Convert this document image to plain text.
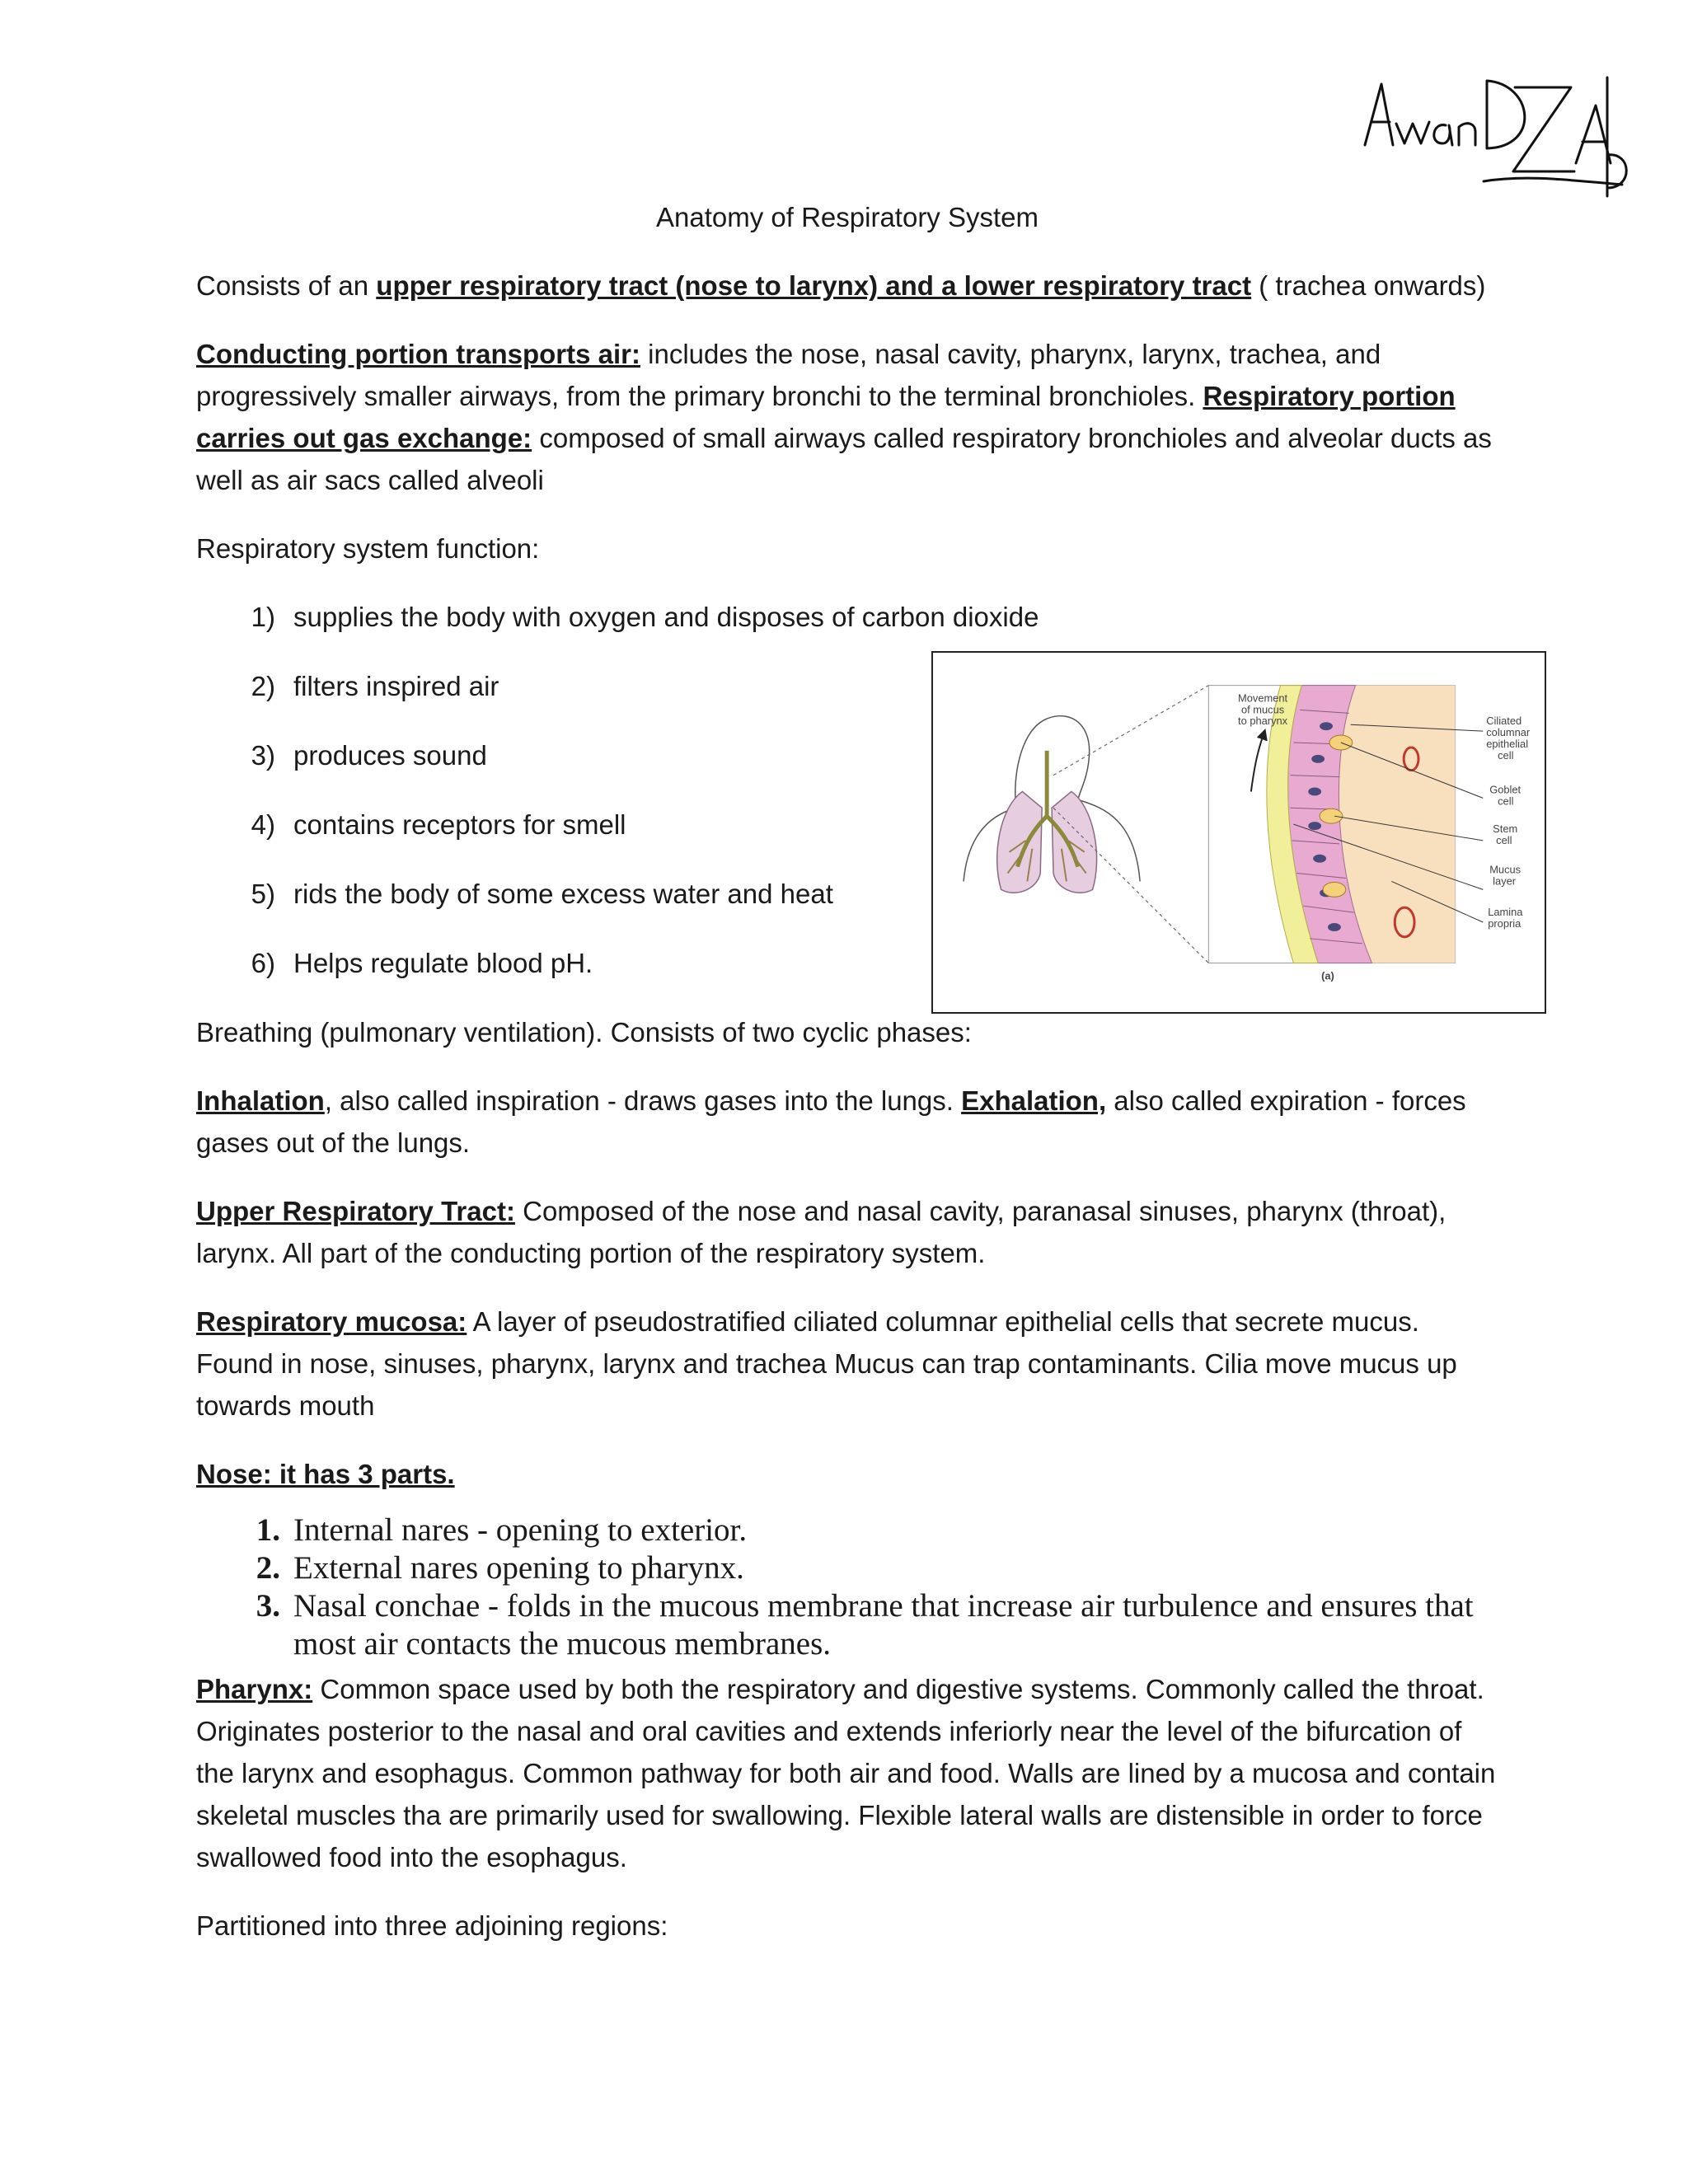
Anatomy of Respiratory System

Consists of an upper respiratory tract (nose to larynx) and a lower respiratory tract ( trachea onwards)

Conducting portion transports air: includes the nose, nasal cavity, pharynx, larynx, trachea, and progressively smaller airways, from the primary bronchi to the terminal bronchioles. Respiratory portion carries out gas exchange: composed of small airways called respiratory bronchioles and alveolar ducts as well as air sacs called alveoli

Respiratory system function:

1) supplies the body with oxygen and disposes of carbon dioxide
2) filters inspired air
3) produces sound
4) contains receptors for smell
5) rids the body of some excess water and heat
6) Helps regulate blood pH.

Breathing (pulmonary ventilation). Consists of two cyclic phases:

Inhalation, also called inspiration - draws gases into the lungs. Exhalation, also called expiration - forces gases out of the lungs.

Upper Respiratory Tract: Composed of the nose and nasal cavity, paranasal sinuses, pharynx (throat), larynx. All part of the conducting portion of the respiratory system.

Respiratory mucosa: A layer of pseudostratified ciliated columnar epithelial cells that secrete mucus. Found in nose, sinuses, pharynx, larynx and trachea Mucus can trap contaminants. Cilia move mucus up towards mouth

Nose: it has 3 parts.

1. Internal nares - opening to exterior.
2. External nares opening to pharynx.
3. Nasal conchae - folds in the mucous membrane that increase air turbulence and ensures that most air contacts the mucous membranes.

Pharynx: Common space used by both the respiratory and digestive systems. Commonly called the throat. Originates posterior to the nasal and oral cavities and extends inferiorly near the level of the bifurcation of the larynx and esophagus. Common pathway for both air and food. Walls are lined by a mucosa and contain skeletal muscles tha are primarily used for swallowing. Flexible lateral walls are distensible in order to force swallowed food into the esophagus.

Partitioned into three adjoining regions:

Movement
of mucus
to pharynx	Ciliated
columnar
epithelial
cell
Goblet
cell
Stem
cell
Mucus
layer
Lamina
propria
(a)
